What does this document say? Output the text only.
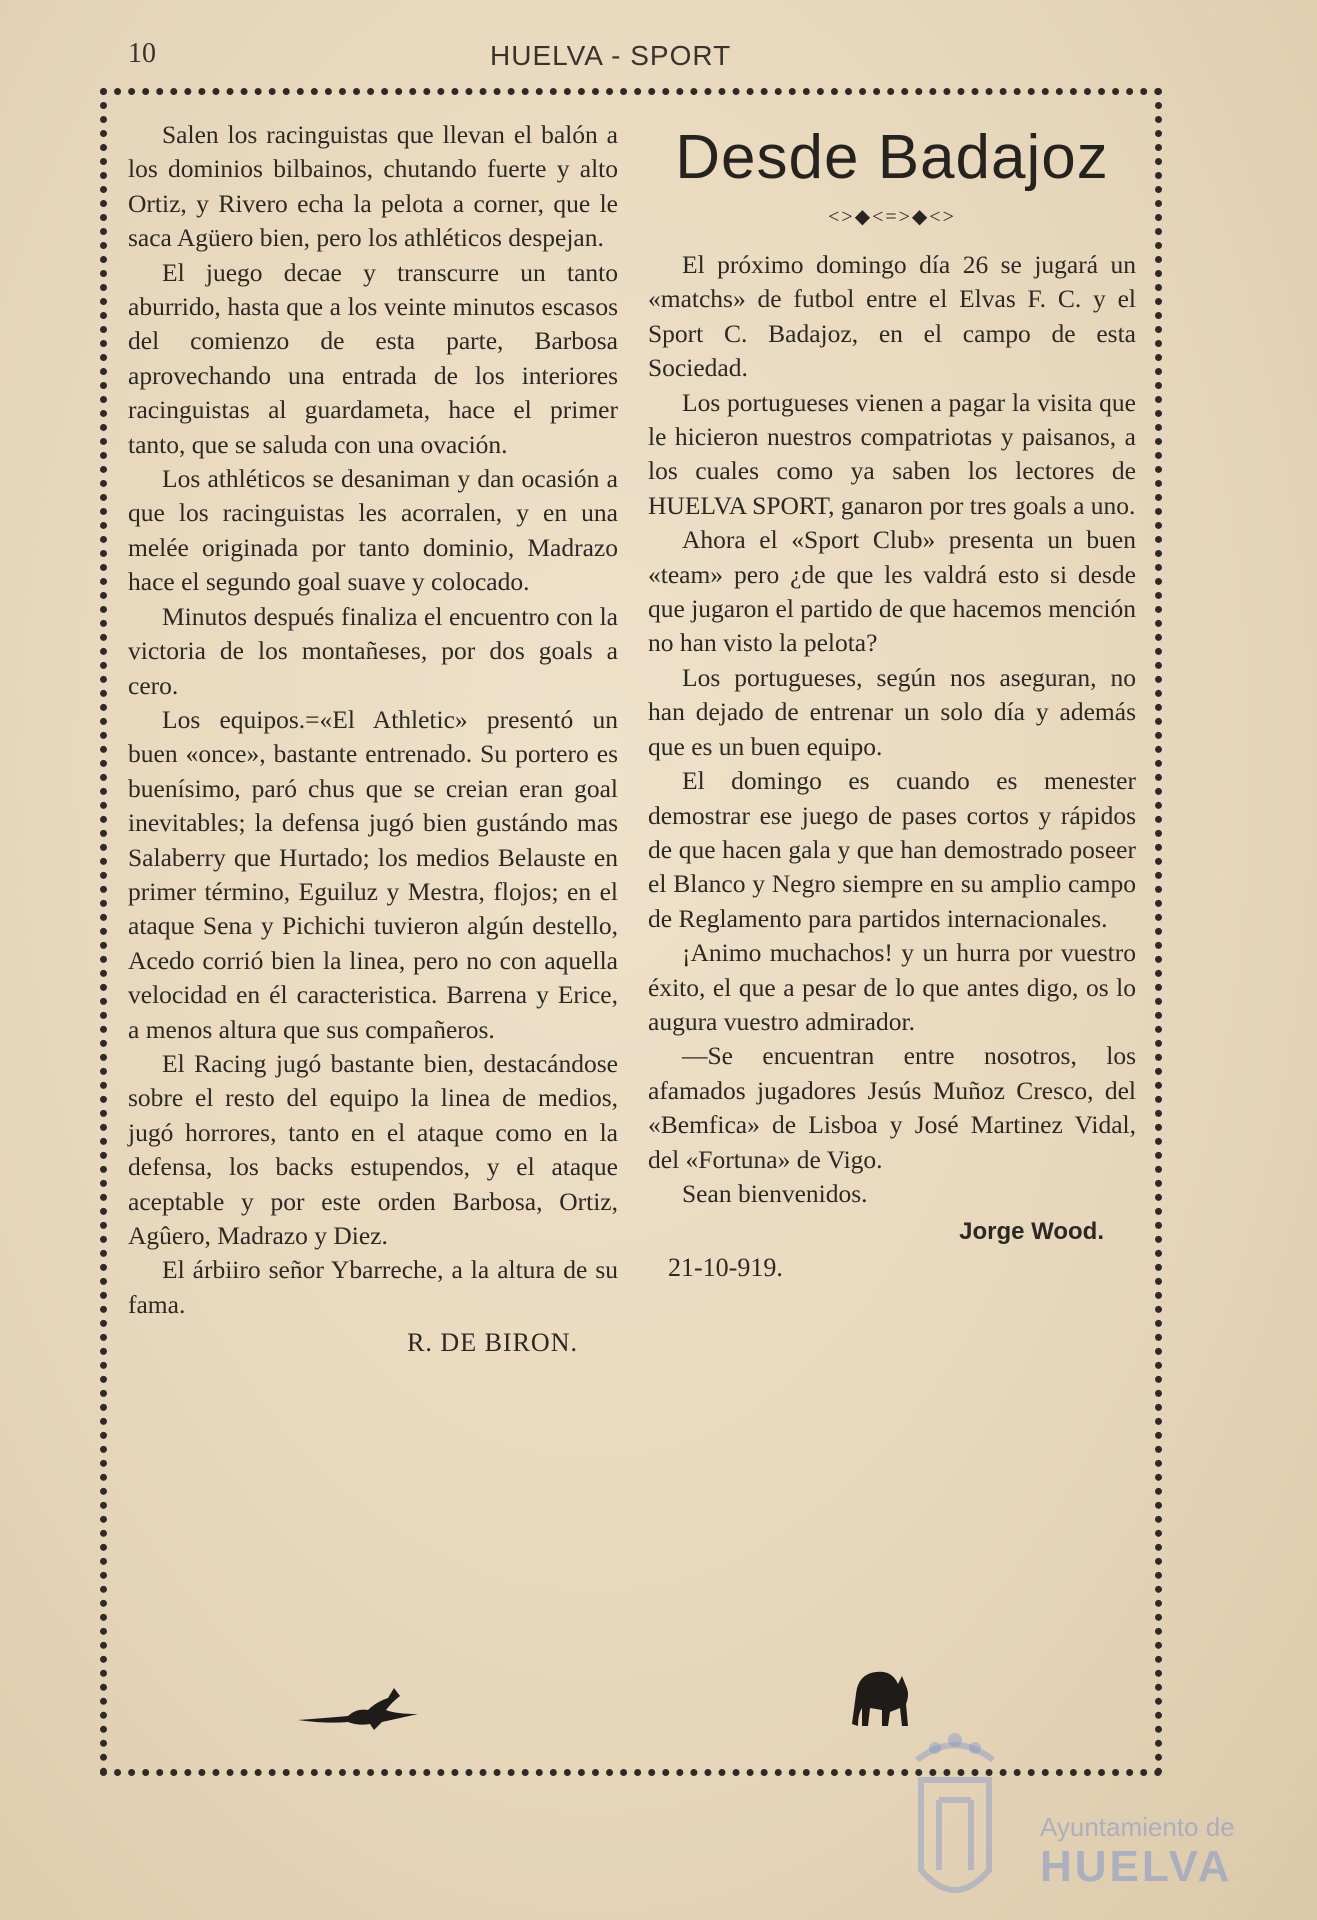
10	HUELVA - SPORT

Salen los racinguistas que llevan el balón a los dominios bilbainos, chutando fuerte y alto Ortiz, y Rivero echa la pelota a corner, que le saca Agüero bien, pero los athléticos despejan.

El juego decae y transcurre un tanto aburrido, hasta que a los veinte minutos escasos del comienzo de esta parte, Barbosa aprovechando una entrada de los interiores racinguistas al guardameta, hace el primer tanto, que se saluda con una ovación.

Los athléticos se desaniman y dan ocasión a que los racinguistas les acorralen, y en una melée originada por tanto dominio, Madrazo hace el segundo goal suave y colocado.

Minutos después finaliza el encuentro con la victoria de los montañeses, por dos goals a cero.

Los equipos.=«El Athletic» presentó un buen «once», bastante entrenado. Su portero es buenísimo, paró chus que se creian eran goal inevitables; la defensa jugó bien gustándo mas Salaberry que Hurtado; los medios Belauste en primer término, Eguiluz y Mestra, flojos; en el ataque Sena y Pichichi tuvieron algún destello, Acedo corrió bien la linea, pero no con aquella velocidad en él caracteristica. Barrena y Erice, a menos altura que sus compañeros.

El Racing jugó bastante bien, destacándose sobre el resto del equipo la linea de medios, jugó horrores, tanto en el ataque como en la defensa, los backs estupendos, y el ataque aceptable y por este orden Barbosa, Ortiz, Agûero, Madrazo y Diez.

El árbiiro señor Ybarreche, a la altura de su fama.

R. DE BIRON.
Desde Badajoz
<>◆<=>◆<>

El próximo domingo día 26 se jugará un «matchs» de futbol entre el Elvas F. C. y el Sport C. Badajoz, en el campo de esta Sociedad.

Los portugueses vienen a pagar la visita que le hicieron nuestros compatriotas y paisanos, a los cuales como ya saben los lectores de HUELVA SPORT, ganaron por tres goals a uno.

Ahora el «Sport Club» presenta un buen «team» pero ¿de que les valdrá esto si desde que jugaron el partido de que hacemos mención no han visto la pelota?

Los portugueses, según nos aseguran, no han dejado de entrenar un solo día y además que es un buen equipo.

El domingo es cuando es menester demostrar ese juego de pases cortos y rápidos de que hacen gala y que han demostrado poseer el Blanco y Negro siempre en su amplio campo de Reglamento para partidos internacionales.

¡Animo muchachos! y un hurra por vuestro éxito, el que a pesar de lo que antes digo, os lo augura vuestro admirador.

—Se encuentran entre nosotros, los afamados jugadores Jesús Muñoz Cresco, del «Bemfica» de Lisboa y José Martinez Vidal, del «Fortuna» de Vigo.

Sean bienvenidos.

Jorge Wood.
21-10-919.
Ayuntamiento de
HUELVA
